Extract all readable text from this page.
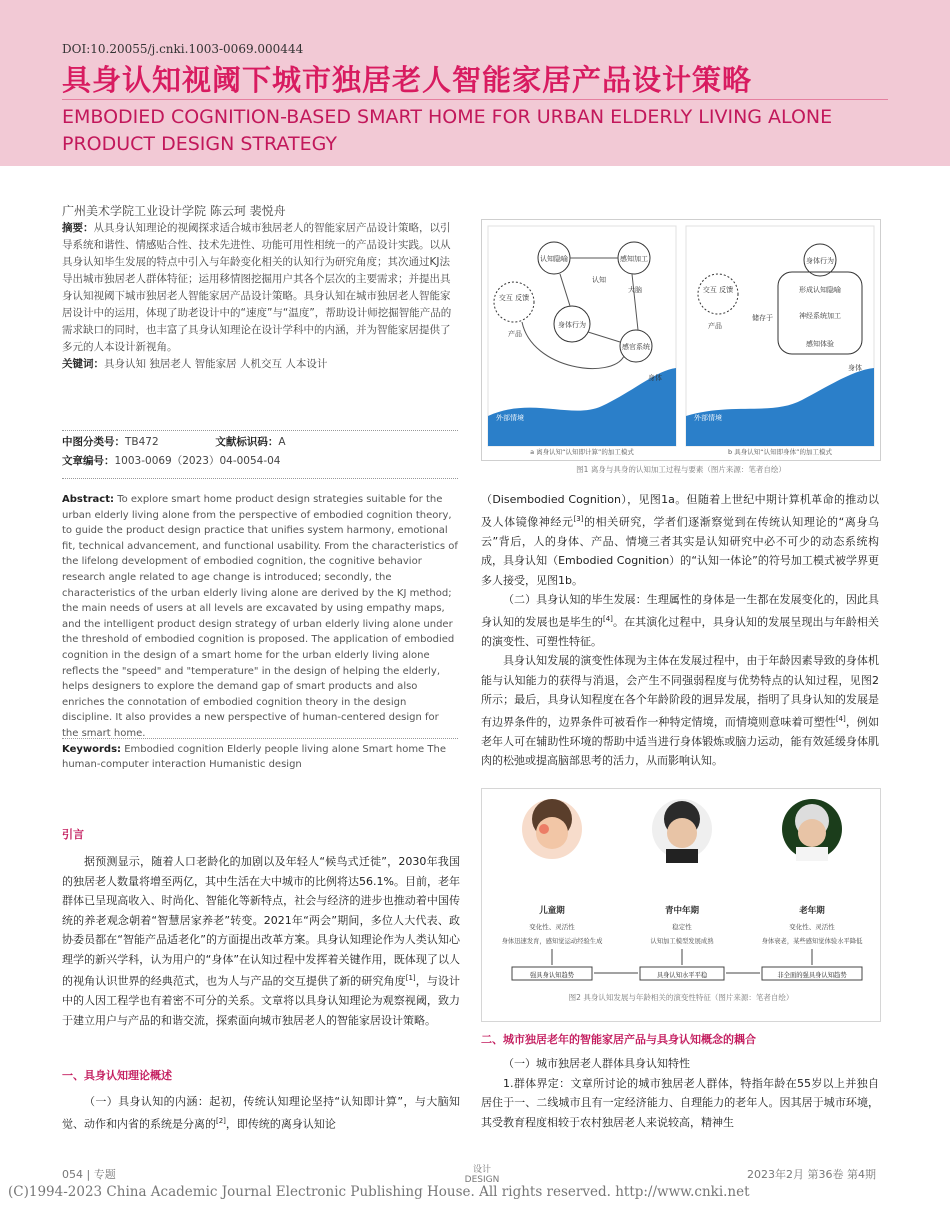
DOI:10.20055/j.cnki.1003-0069.000444
具身认知视阈下城市独居老人智能家居产品设计策略
EMBODIED COGNITION-BASED SMART HOME FOR URBAN ELDERLY LIVING ALONE PRODUCT DESIGN STRATEGY
广州美术学院工业设计学院 陈云珂 裴悦舟

摘要：从具身认知理论的视阈探求适合城市独居老人的智能家居产品设计策略，以引导系统和谐性、情感贴合性、技术先进性、功能可用性相统一的产品设计实践。以从具身认知毕生发展的特点中引入与年龄变化相关的认知行为研究角度；其次通过KJ法导出城市独居老人群体特征；运用移情图挖掘用户其各个层次的主要需求；并提出具身认知视阈下城市独居老人智能家居产品设计策略。具身认知在城市独居老人智能家居设计中的运用，体现了助老设计中的“速度”与“温度”，帮助设计师挖掘智能产品的需求缺口的同时，也丰富了具身认知理论在设计学科中的内涵，并为智能家居提供了多元的人本设计新视角。

关键词：具身认知 独居老人 智能家居 人机交互 人本设计

中图分类号：TB472	文献标识码：A
文章编号：1003-0069（2023）04-0054-04

Abstract: To explore smart home product design strategies suitable for the urban elderly living alone from the perspective of embodied cognition theory, to guide the product design practice that unifies system harmony, emotional fit, technical advancement, and functional usability. From the characteristics of the lifelong development of embodied cognition, the cognitive behavior research angle related to age change is introduced; secondly, the characteristics of the urban elderly living alone are derived by the KJ method; the main needs of users at all levels are excavated by using empathy maps, and the intelligent product design strategy of urban elderly living alone under the threshold of embodied cognition is proposed. The application of embodied cognition in the design of a smart home for the urban elderly living alone reflects the "speed" and "temperature" in the design of helping the elderly, helps designers to explore the demand gap of smart products and also enriches the connotation of embodied cognition theory in the design discipline. It also provides a new perspective of human-centered design for the smart home.

Keywords: Embodied cognition Elderly people living alone Smart home The human-computer interaction Humanistic design

引言

据预测显示，随着人口老龄化的加剧以及年轻人“候鸟式迁徙”，2030年我国的独居老人数量将增至两亿，其中生活在大中城市的比例将达56.1%。目前，老年群体已呈现高收入、时尚化、智能化等新特点，社会与经济的进步也推动着中国传统的养老观念朝着“智慧居家养老”转变。2021年“两会”期间，多位人大代表、政协委员都在“智能产品适老化”的方面提出改革方案。具身认知理论作为人类认知心理学的新兴学科，认为用户的“身体”在认知过程中发挥着关键作用，既体现了以人的视角认识世界的经典范式，也为人与产品的交互提供了新的研究角度[1]，与设计中的人因工程学也有着密不可分的关系。文章将以具身认知理论为观察视阈，致力于建立用户与产品的和谐交流，探索面向城市独居老人的智能家居设计策略。

一、具身认知理论概述

（一）具身认知的内涵：起初，传统认知理论坚持“认知即计算”，与大脑知觉、动作和内省的系统是分离的[2]，即传统的离身认知论

认知隐喻	感知加工
交互 反馈
身体行为
感官系统
认知
大脑
产品
身体
外部情境
a 离身认知“认知即计算”的加工模式
身体行为
形成认知隐喻
交互 反馈
神经系统加工
感知体验
储存于
产品
身体
外部情境
b 具身认知“认知即身体”的加工模式
图1 离身与具身的认知加工过程与要素（图片来源：笔者自绘）

（Disembodied Cognition），见图1a。但随着上世纪中期计算机革命的推动以及人体镜像神经元[3]的相关研究，学者们逐渐察觉到在传统认知理论的“离身乌云”背后，人的身体、产品、情境三者其实是认知研究中必不可少的动态系统构成，具身认知（Embodied Cognition）的“认知一体论”的符号加工模式被学界更多人接受，见图1b。

（二）具身认知的毕生发展：生理属性的身体是一生都在发展变化的，因此具身认知的发展也是毕生的[4]。在其演化过程中，具身认知的发展呈现出与年龄相关的演变性、可塑性特征。

具身认知发展的演变性体现为主体在发展过程中，由于年龄因素导致的身体机能与认知能力的获得与消退，会产生不同强弱程度与优势特点的认知过程，见图2所示；最后，具身认知程度在各个年龄阶段的迥异发展，指明了具身认知的发展是有边界条件的，边界条件可被看作一种特定情境，而情境则意味着可塑性[4]，例如老年人可在辅助性环境的帮助中适当进行身体锻炼或脑力运动，能有效延缓身体肌肉的松弛或提高脑部思考的活力，从而影响认知。

儿童期
变化性、灵活性
身体迅速发育，感知觉运动经验生成
强具身认知趋势
青中年期
稳定性
认知加工模型发展成熟
具身认知水平平稳
老年期
变化性、灵活性
身体衰老，某些感知觉体验水平降低
非全面的强具身认知趋势
图2 具身认知发展与年龄相关的演变性特征（图片来源：笔者自绘）
二、城市独居老年的智能家居产品与具身认知概念的耦合

（一）城市独居老人群体具身认知特性

1.群体界定：文章所讨论的城市独居老人群体，特指年龄在55岁以上并独自居住于一、二线城市且有一定经济能力、自理能力的老年人。因其居于城市环境，其受教育程度相较于农村独居老人来说较高，精神生

054 | 专题	设计
DESIGN	2023年2月 第36卷 第4期
(C)1994-2023 China Academic Journal Electronic Publishing House. All rights reserved. http://www.cnki.net
